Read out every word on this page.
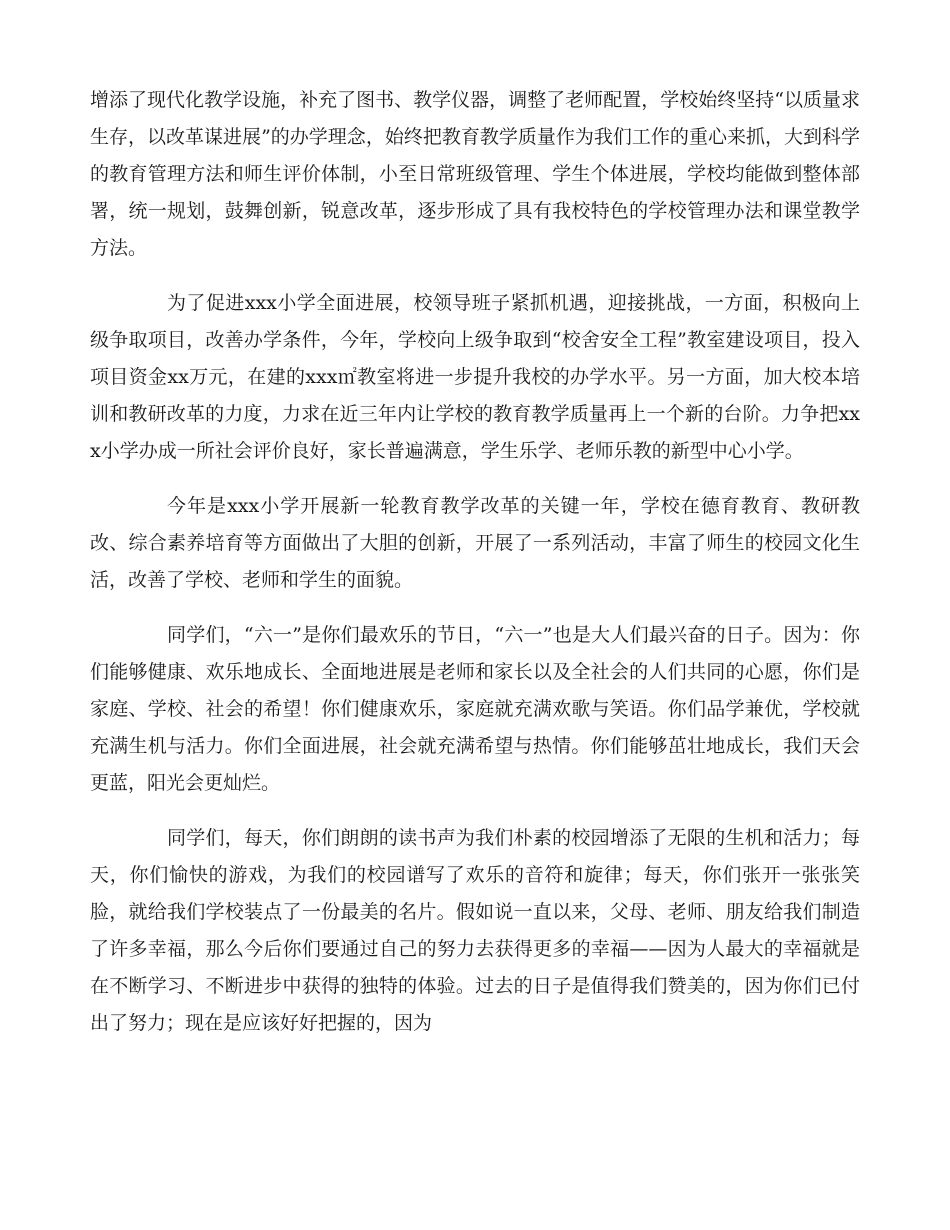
增添了现代化教学设施，补充了图书、教学仪器，调整了老师配置，学校始终坚持“以质量求生存，以改革谋进展”的办学理念，始终把教育教学质量作为我们工作的重心来抓，大到科学的教育管理方法和师生评价体制，小至日常班级管理、学生个体进展，学校均能做到整体部署，统一规划，鼓舞创新，锐意改革，逐步形成了具有我校特色的学校管理办法和课堂教学方法。

为了促进xxx小学全面进展，校领导班子紧抓机遇，迎接挑战，一方面，积极向上级争取项目，改善办学条件，今年，学校向上级争取到“校舍安全工程”教室建设项目，投入项目资金xx万元，在建的xxx㎡教室将进一步提升我校的办学水平。另一方面，加大校本培训和教研改革的力度，力求在近三年内让学校的教育教学质量再上一个新的台阶。力争把xxx小学办成一所社会评价良好，家长普遍满意，学生乐学、老师乐教的新型中心小学。

今年是xxx小学开展新一轮教育教学改革的关键一年，学校在德育教育、教研教改、综合素养培育等方面做出了大胆的创新，开展了一系列活动，丰富了师生的校园文化生活，改善了学校、老师和学生的面貌。

同学们，“六一”是你们最欢乐的节日，“六一”也是大人们最兴奋的日子。因为：你们能够健康、欢乐地成长、全面地进展是老师和家长以及全社会的人们共同的心愿，你们是家庭、学校、社会的希望！你们健康欢乐，家庭就充满欢歌与笑语。你们品学兼优，学校就充满生机与活力。你们全面进展，社会就充满希望与热情。你们能够茁壮地成长，我们天会更蓝，阳光会更灿烂。

同学们，每天，你们朗朗的读书声为我们朴素的校园增添了无限的生机和活力；每天，你们愉快的游戏，为我们的校园谱写了欢乐的音符和旋律；每天，你们张开一张张笑脸，就给我们学校装点了一份最美的名片。假如说一直以来，父母、老师、朋友给我们制造了许多幸福，那么今后你们要通过自己的努力去获得更多的幸福——因为人最大的幸福就是在不断学习、不断进步中获得的独特的体验。过去的日子是值得我们赞美的，因为你们已付出了努力；现在是应该好好把握的，因为
